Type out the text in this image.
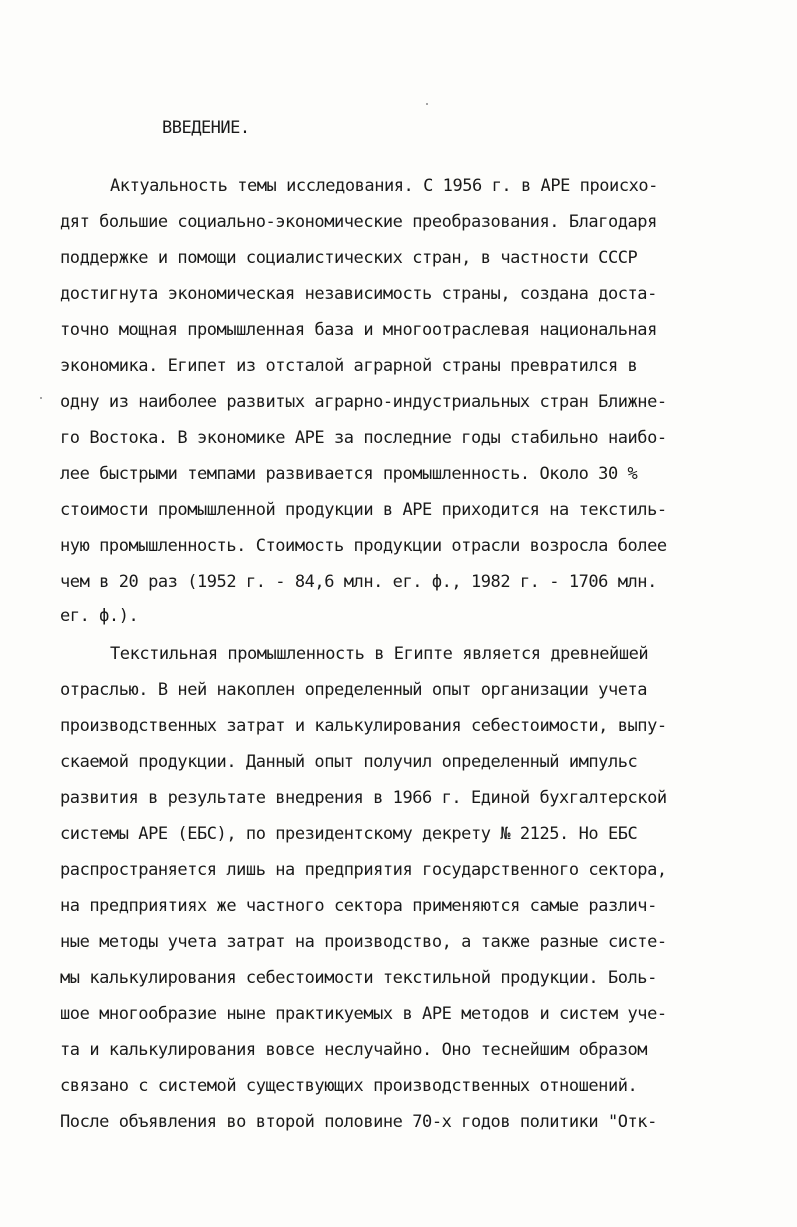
ВВЕДЕНИЕ.
Актуальность темы исследования. С 1956 г. в АРЕ происхо-
дят большие социально-экономические преобразования. Благодаря
поддержке и помощи социалистических стран, в частности СССР
достигнута экономическая независимость страны, создана доста-
точно мощная промышленная база и многоотраслевая национальная
экономика. Египет из отсталой аграрной страны превратился в
одну из наиболее развитых аграрно-индустриальных стран Ближне-
го Востока. В экономике АРЕ за последние годы стабильно наибо-
лее быстрыми темпами развивается промышленность. Около 30 %
стоимости промышленной продукции в АРЕ приходится на текстиль-
ную промышленность. Стоимость продукции отрасли возросла более
чем в 20 раз (1952 г. - 84,6 млн. ег. ф., 1982 г. - 1706 млн.
ег. ф.).
Текстильная промышленность в Египте является древнейшей
отраслью. В ней накоплен определенный опыт организации учета
производственных затрат и калькулирования себестоимости, выпу-
скаемой продукции. Данный опыт получил определенный импульс
развития в результате внедрения в 1966 г. Единой бухгалтерской
системы АРЕ (ЕБС), по президентскому декрету № 2125. Но ЕБС
распространяется лишь на предприятия государственного сектора,
на предприятиях же частного сектора применяются самые различ-
ные методы учета затрат на производство, а также разные систе-
мы калькулирования себестоимости текстильной продукции. Боль-
шое многообразие ныне практикуемых в АРЕ методов и систем уче-
та и калькулирования вовсе неслучайно. Оно теснейшим образом
связано с системой существующих производственных отношений.
После объявления во второй половине 70-х годов политики "Отк-
